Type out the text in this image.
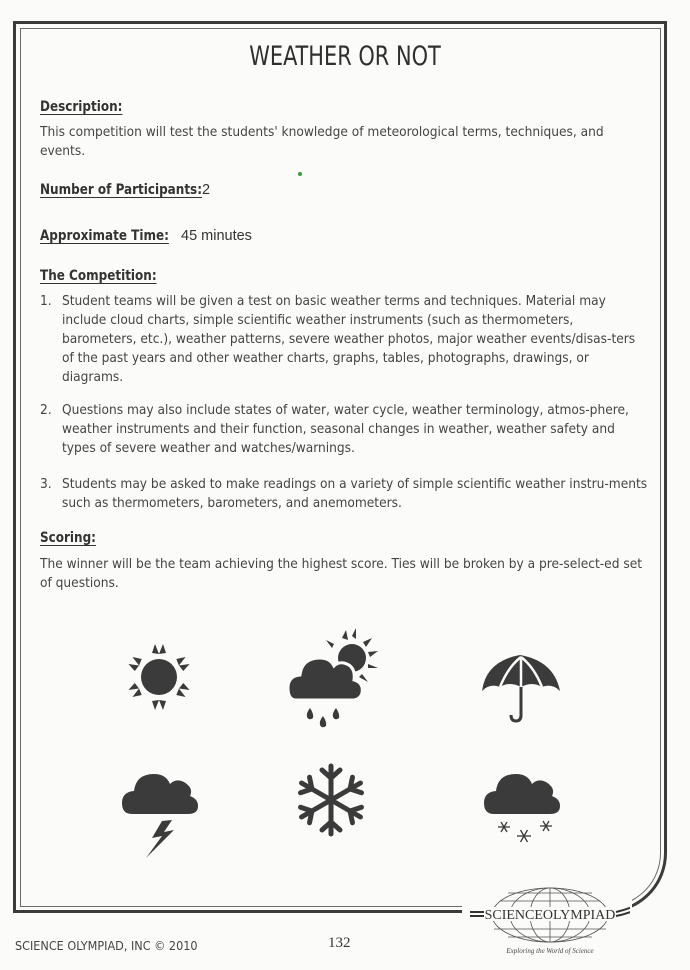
WEATHER OR NOT
Description:
This competition will test the students' knowledge of meteorological terms, techniques, and events.
Number of Participants: 2
Approximate Time: 45 minutes
The Competition:
1. Student teams will be given a test on basic weather terms and techniques. Material may include cloud charts, simple scientific weather instruments (such as thermometers, barometers, etc.), weather patterns, severe weather photos, major weather events/disas-ters of the past years and other weather charts, graphs, tables, photographs, drawings, or diagrams.
2. Questions may also include states of water, water cycle, weather terminology, atmos-phere, weather instruments and their function, seasonal changes in weather, weather safety and types of severe weather and watches/warnings.
3. Students may be asked to make readings on a variety of simple scientific weather instru-ments such as thermometers, barometers, and anemometers.
Scoring:
The winner will be the team achieving the highest score. Ties will be broken by a pre-select-ed set of questions.
SCIENCEOLYMPIAD
Exploring the World of Science
SCIENCE OLYMPIAD, INC © 2010	132
